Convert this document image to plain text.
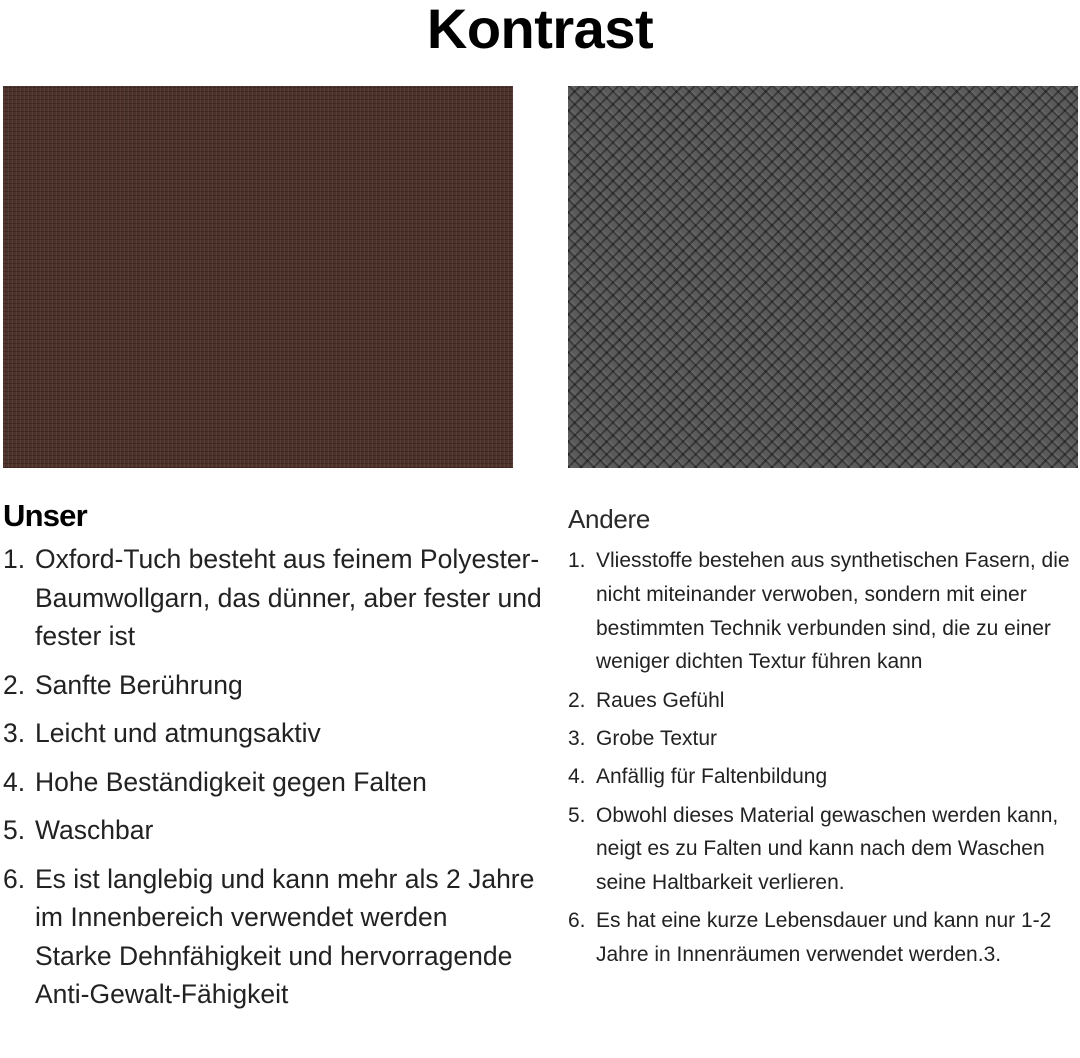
Kontrast
Unser
1. Oxford-Tuch besteht aus feinem Polyester-Baumwollgarn, das dünner, aber fester und fester ist
2. Sanfte Berührung
3. Leicht und atmungsaktiv
4. Hohe Beständigkeit gegen Falten
5. Waschbar
6. Es ist langlebig und kann mehr als 2 Jahre im Innenbereich verwendet werden
Starke Dehnfähigkeit und hervorragende Anti-Gewalt-Fähigkeit
Andere
1. Vliesstoffe bestehen aus synthetischen Fasern, die nicht miteinander verwoben, sondern mit einer bestimmten Technik verbunden sind, die zu einer weniger dichten Textur führen kann
2. Raues Gefühl
3. Grobe Textur
4. Anfällig für Faltenbildung
5. Obwohl dieses Material gewaschen werden kann, neigt es zu Falten und kann nach dem Waschen seine Haltbarkeit verlieren.
6. Es hat eine kurze Lebensdauer und kann nur 1-2 Jahre in Innenräumen verwendet werden.3.
